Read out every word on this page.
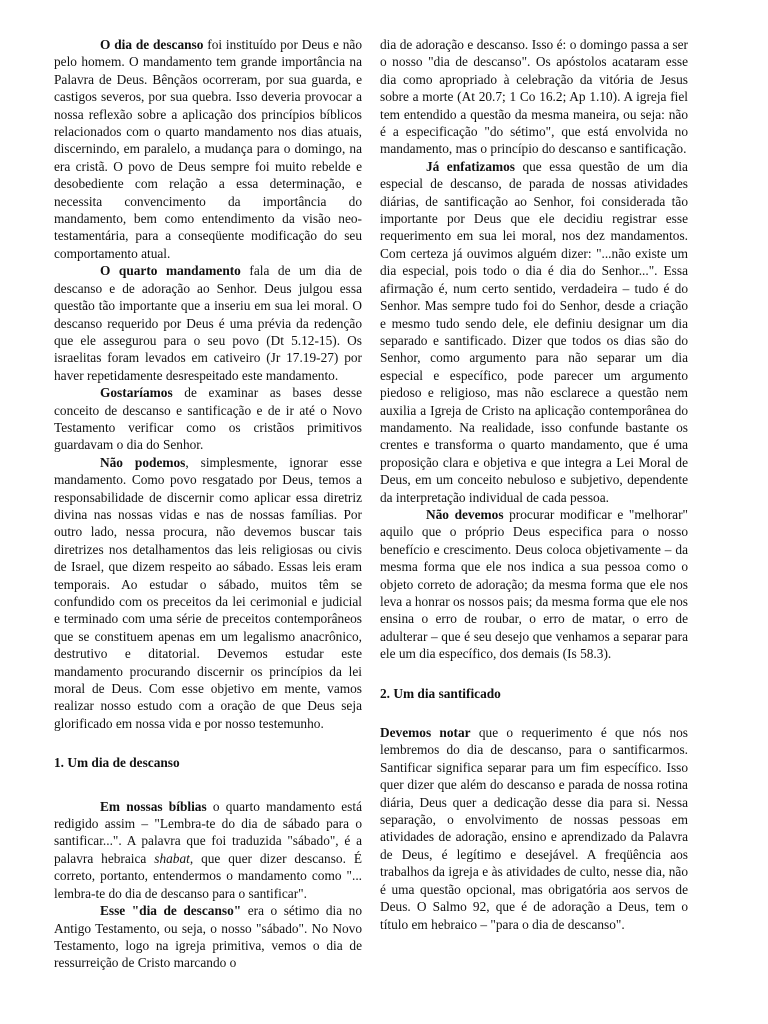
O dia de descanso foi instituído por Deus e não pelo homem. O mandamento tem grande importância na Palavra de Deus. Bênçãos ocorreram, por sua guarda, e castigos severos, por sua quebra. Isso deveria provocar a nossa reflexão sobre a aplicação dos princípios bíblicos relacionados com o quarto mandamento nos dias atuais, discernindo, em paralelo, a mudança para o domingo, na era cristã. O povo de Deus sempre foi muito rebelde e desobediente com relação a essa determinação, e necessita convencimento da importância do mandamento, bem como entendimento da visão neo-testamentária, para a conseqüente modificação do seu comportamento atual.

O quarto mandamento fala de um dia de descanso e de adoração ao Senhor. Deus julgou essa questão tão importante que a inseriu em sua lei moral. O descanso requerido por Deus é uma prévia da redenção que ele assegurou para o seu povo (Dt 5.12-15). Os israelitas foram levados em cativeiro (Jr 17.19-27) por haver repetidamente desrespeitado este mandamento.

Gostaríamos de examinar as bases desse conceito de descanso e santificação e de ir até o Novo Testamento verificar como os cristãos primitivos guardavam o dia do Senhor.

Não podemos, simplesmente, ignorar esse mandamento. Como povo resgatado por Deus, temos a responsabilidade de discernir como aplicar essa diretriz divina nas nossas vidas e nas de nossas famílias. Por outro lado, nessa procura, não devemos buscar tais diretrizes nos detalhamentos das leis religiosas ou civis de Israel, que dizem respeito ao sábado. Essas leis eram temporais. Ao estudar o sábado, muitos têm se confundido com os preceitos da lei cerimonial e judicial e terminado com uma série de preceitos contemporâneos que se constituem apenas em um legalismo anacrônico, destrutivo e ditatorial. Devemos estudar este mandamento procurando discernir os princípios da lei moral de Deus. Com esse objetivo em mente, vamos realizar nosso estudo com a oração de que Deus seja glorificado em nossa vida e por nosso testemunho.

1. Um dia de descanso

Em nossas bíblias o quarto mandamento está redigido assim – "Lembra-te do dia de sábado para o santificar...". A palavra que foi traduzida "sábado", é a palavra hebraica shabat, que quer dizer descanso. É correto, portanto, entendermos o mandamento como "... lembra-te do dia de descanso para o santificar".

Esse "dia de descanso" era o sétimo dia no Antigo Testamento, ou seja, o nosso "sábado". No Novo Testamento, logo na igreja primitiva, vemos o dia de ressurreição de Cristo marcando o

dia de adoração e descanso. Isso é: o domingo passa a ser o nosso "dia de descanso". Os apóstolos acataram esse dia como apropriado à celebração da vitória de Jesus sobre a morte (At 20.7; 1 Co 16.2; Ap 1.10). A igreja fiel tem entendido a questão da mesma maneira, ou seja: não é a especificação "do sétimo", que está envolvida no mandamento, mas o princípio do descanso e santificação.

Já enfatizamos que essa questão de um dia especial de descanso, de parada de nossas atividades diárias, de santificação ao Senhor, foi considerada tão importante por Deus que ele decidiu registrar esse requerimento em sua lei moral, nos dez mandamentos. Com certeza já ouvimos alguém dizer: "...não existe um dia especial, pois todo o dia é dia do Senhor...". Essa afirmação é, num certo sentido, verdadeira – tudo é do Senhor. Mas sempre tudo foi do Senhor, desde a criação e mesmo tudo sendo dele, ele definiu designar um dia separado e santificado. Dizer que todos os dias são do Senhor, como argumento para não separar um dia especial e específico, pode parecer um argumento piedoso e religioso, mas não esclarece a questão nem auxilia a Igreja de Cristo na aplicação contemporânea do mandamento. Na realidade, isso confunde bastante os crentes e transforma o quarto mandamento, que é uma proposição clara e objetiva e que integra a Lei Moral de Deus, em um conceito nebuloso e subjetivo, dependente da interpretação individual de cada pessoa.

Não devemos procurar modificar e "melhorar" aquilo que o próprio Deus especifica para o nosso benefício e crescimento. Deus coloca objetivamente – da mesma forma que ele nos indica a sua pessoa como o objeto correto de adoração; da mesma forma que ele nos leva a honrar os nossos pais; da mesma forma que ele nos ensina o erro de roubar, o erro de matar, o erro de adulterar – que é seu desejo que venhamos a separar para ele um dia específico, dos demais (Is 58.3).

2. Um dia santificado

Devemos notar que o requerimento é que nós nos lembremos do dia de descanso, para o santificarmos. Santificar significa separar para um fim específico. Isso quer dizer que além do descanso e parada de nossa rotina diária, Deus quer a dedicação desse dia para si. Nessa separação, o envolvimento de nossas pessoas em atividades de adoração, ensino e aprendizado da Palavra de Deus, é legítimo e desejável. A freqüência aos trabalhos da igreja e às atividades de culto, nesse dia, não é uma questão opcional, mas obrigatória aos servos de Deus. O Salmo 92, que é de adoração a Deus, tem o título em hebraico – "para o dia de descanso".
